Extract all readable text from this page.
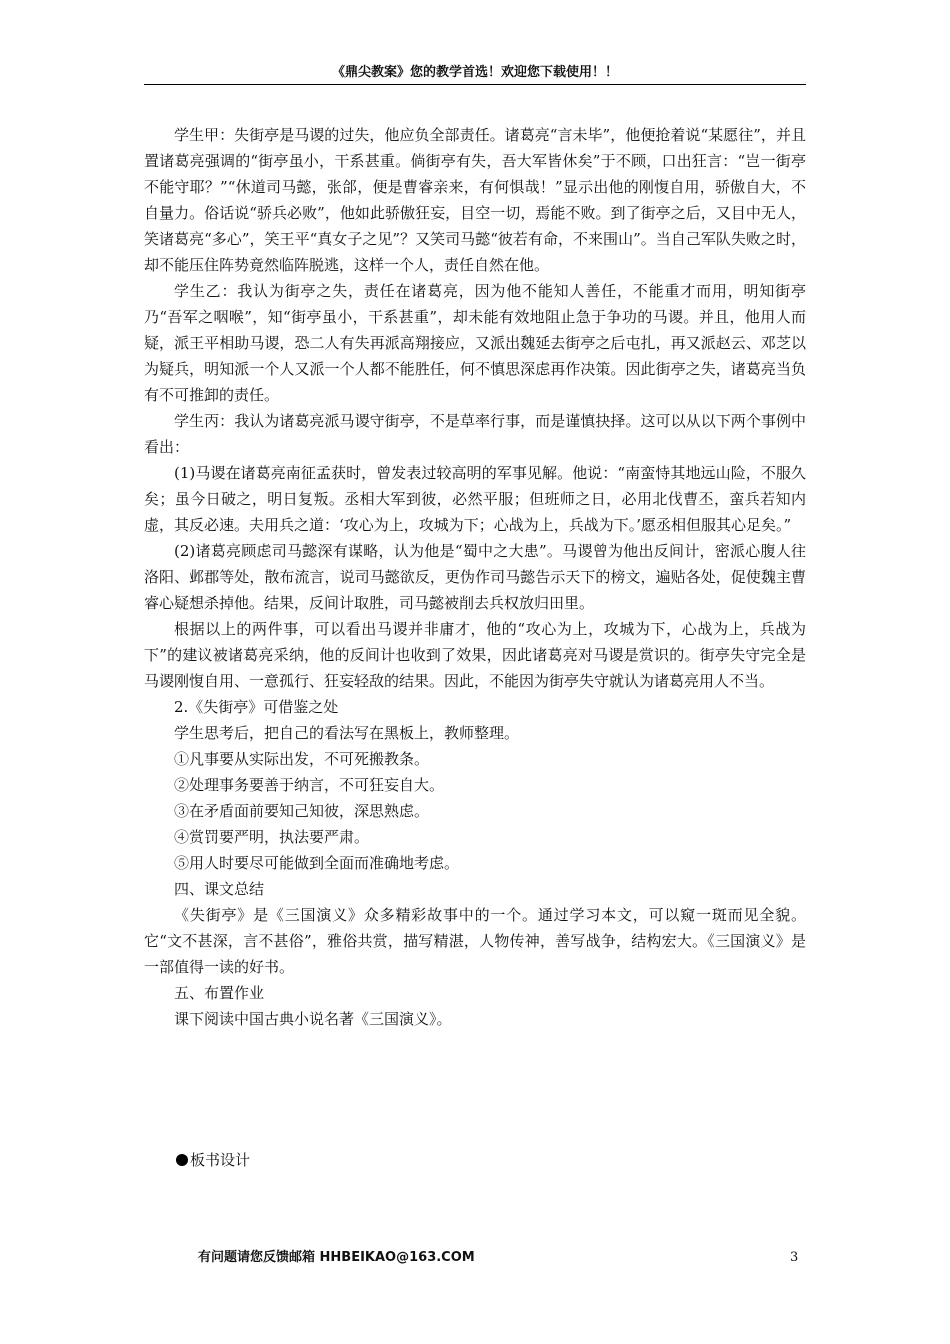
《鼎尖教案》您的教学首选！欢迎您下载使用！！

学生甲：失街亭是马谡的过失，他应负全部责任。诸葛亮“言未毕”，他便抢着说“某愿往”，并且置诸葛亮强调的“街亭虽小，干系甚重。倘街亭有失，吾大军皆休矣”于不顾，口出狂言：“岂一街亭不能守耶？”“休道司马懿，张郃，便是曹睿亲来，有何惧哉！”显示出他的刚愎自用，骄傲自大，不自量力。俗话说“骄兵必败”，他如此骄傲狂妄，目空一切，焉能不败。到了街亭之后，又目中无人，笑诸葛亮“多心”，笑王平“真女子之见”？又笑司马懿“彼若有命，不来围山”。当自己军队失败之时，却不能压住阵势竟然临阵脱逃，这样一个人，责任自然在他。

学生乙：我认为街亭之失，责任在诸葛亮，因为他不能知人善任，不能重才而用，明知街亭乃“吾军之咽喉”，知“街亭虽小，干系甚重”，却未能有效地阻止急于争功的马谡。并且，他用人而疑，派王平相助马谡，恐二人有失再派高翔接应，又派出魏延去街亭之后屯扎，再又派赵云、邓芝以为疑兵，明知派一个人又派一个人都不能胜任，何不慎思深虑再作决策。因此街亭之失，诸葛亮当负有不可推卸的责任。

学生丙：我认为诸葛亮派马谡守街亭，不是草率行事，而是谨慎抉择。这可以从以下两个事例中看出：

(1)马谡在诸葛亮南征孟获时，曾发表过较高明的军事见解。他说：“南蛮恃其地远山险，不服久矣；虽今日破之，明日复叛。丞相大军到彼，必然平服；但班师之日，必用北伐曹丕，蛮兵若知内虚，其反必速。夫用兵之道：‘攻心为上，攻城为下；心战为上，兵战为下。’愿丞相但服其心足矣。”

(2)诸葛亮顾虑司马懿深有谋略，认为他是“蜀中之大患”。马谡曾为他出反间计，密派心腹人往洛阳、邺郡等处，散布流言，说司马懿欲反，更伪作司马懿告示天下的榜文，遍贴各处，促使魏主曹睿心疑想杀掉他。结果，反间计取胜，司马懿被削去兵权放归田里。

根据以上的两件事，可以看出马谡并非庸才，他的“攻心为上，攻城为下，心战为上，兵战为下”的建议被诸葛亮采纳，他的反间计也收到了效果，因此诸葛亮对马谡是赏识的。街亭失守完全是马谡刚愎自用、一意孤行、狂妄轻敌的结果。因此，不能因为街亭失守就认为诸葛亮用人不当。

2.《失街亭》可借鉴之处

学生思考后，把自己的看法写在黑板上，教师整理。

①凡事要从实际出发，不可死搬教条。

②处理事务要善于纳言，不可狂妄自大。

③在矛盾面前要知己知彼，深思熟虑。

④赏罚要严明，执法要严肃。

⑤用人时要尽可能做到全面而准确地考虑。

四、课文总结

《失街亭》是《三国演义》众多精彩故事中的一个。通过学习本文，可以窥一斑而见全貌。它“文不甚深，言不甚俗”，雅俗共赏，描写精湛，人物传神，善写战争，结构宏大。《三国演义》是一部值得一读的好书。

五、布置作业

课下阅读中国古典小说名著《三国演义》。

板书设计
有问题请您反馈邮箱 HHBEIKAO@163.COM	3
